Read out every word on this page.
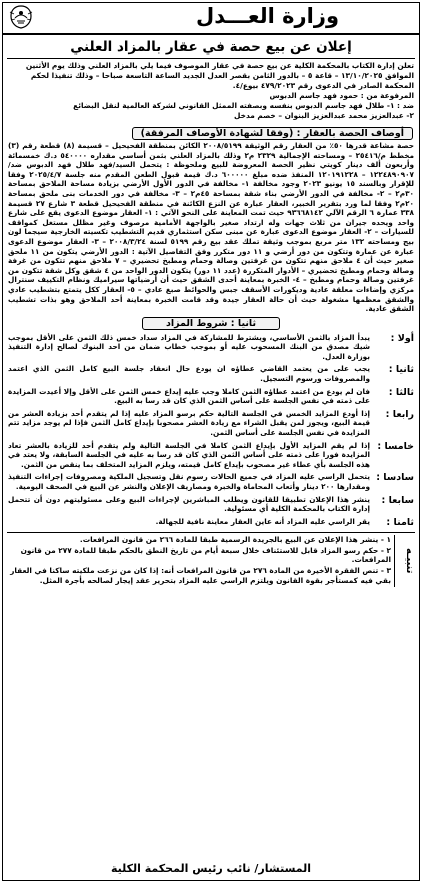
وزارة العـــدل
إعلان عن بيع حصة في عقار بالمزاد العلني

تعلن إدارة الكتاب بالمحكمة الكلية عن بيع حصة في عقار الموصوف فيما يلي بالمزاد العلني وذلك يوم الأثنين الموافق ١٣/١٠/٢٠٢٥ – قاعة ٥ – بالدور الثامن بقصر العدل الجديد الساعة التاسعة صباحا – وذلك تنفيذا لحكم المحكمة الصادر في الدعوى رقم ٤٧٩/٢٠٢٣ بيوع/٤.

المرفوعة من : حمود فهد جاسم الدبوس

ضد : ١- طلال فهد جاسم الدبوس بنفسه وبصفته الممثل القانوني لشركة العالمية لنقل البضائع

٢- عبدالعزيز محمد عبدالعزيز البنوان – خصم مدخل

أوصاف الحصة بالعقار : (وفقا لشهادة الأوصاف المرفقة)

حصة مشاعة قدرها ٥٠٪ من العقار رقم الوثيقة ٢٠٠٨/٥١٩٩ الكائن بمنطقة الفحيحيل – قسيمة (٨) قطعة رقم (٣) مخطط م/٢٥٤١٦ – ومساحته الإجمالية ٢٣٢٩ م٢ وذلك بالمزاد العلني بثمن أساسي مقداره ٥٤٠٠٠٠ د.ك خمسمائة وأربعون ألف دينار كويتي نظير الحصة المعروضة للبيع وملحوظة : يتحمل السيد/فهد طلال فهد الدبوس ضد/١٢٢٤٨٩٠٩٠٧ – ١٢٠١٩١٢٢٨ المنفذ ضده مبلغ ٦٠٠٠٠٠ د.ك قيمة قبول الطعن المقدم منه جلسة ٢٠٢٥/٤/٧ وفقا للإقرار وبالسند ١٥ يونيو ٢٠٢٣ وجود مخالفة ١- مخالفة في الدور الأول الأرضي بزيادة مساحة الملاحق بمساحة ٣٠م٢ – ٢- مخالفة في الدور الأرضي بناء شقة بمساحة ٤٥م٢ – ٣- مخالفة في دور الخدمات بنى ملحق بمساحة ٢٠م٢ وفقا لما ورد بتقرير الخبير، العقار عبارة عن النزع الكائنة في منطقة الفحيحيل قطعة ٣ شارع ٢٧ قسيمة ٣٣٨ عمارة ٦ الرقم الآلي ٩٣٦٦٨١٤٢ حيث تمت المعاينة على النحو الآتي : ١- العقار موضوع الدعوى يقع على شارع واحد ويحده جيران من ثلاث جهات وله ارتداد صغير بالواجهة الأمامية مرصوف وغير مظلل مستغل كمواقف للسيارات – ٢- العقار موضوع الدعوى عبارة عن مبنى سكن استثماري قديم التشطيب تكسيته الخارجية سيجما لون بيج ومساحته ١٣٢ متر مربع بموجب وثيقة تملك عقد بيع رقم ٥١٩٩ لسنة ٢٠٠٨/٣/٢٤ – ٣- العقار موضوع الدعوى عبارة عن عمارة وتتكون من دور أرضي و ١١ دور متكرر وفق التفاصيل الآتية : الدور الأرضي يتكون من ١١ ملحق صغير حيث أن ٤ ملاحق منهم تتكون من غرفتين وصالة وحمام ومطبخ تحضيري – ٧ ملاحق منهم تتكون من غرفة وصالة وحمام ومطبخ تحضيري – الأدوار المتكررة (عدد ١١ دور) يتكون الدور الواحد من ٤ شقق وكل شقة تتكون من غرفتين وصالة وحمام ومطبخ – ٤- الخبرة بمعاينة أحدى الشقق حيث أن أرضياتها سيراميك ونظام التكييف سنترال مركزي وإضاءات معلقة عادية وديكورات الأسقف جبس والحوائط صبغ عادي – ٥- العقار ككل يتمتع بتشطيب عادي والشقق معظمها مشغولة حيث أن حالة العقار جيدة وقد قامت الخبرة بمعاينة أحد الملاحق وهو بذات تشطيب الشقق عادية.

ثانيا : شروط المزاد
أولا :
يبدأ المزاد بالثمن الأساسي، ويشترط للمشاركة في المزاد سداد خمس ذلك الثمن على الأقل بموجب شيك مصدق من البنك المسحوب عليه أو بموجب خطاب ضمان من احد البنوك لصالح إدارة التنفيذ بوزارة العدل.
ثانيا :
يجب على من يعتمد القاضي عطاؤه ان يودع حال انعقاد جلسة البيع كامل الثمن الذي اعتمد والمصروفات ورسوم التسجيل.
ثالثا :
فان لم يودع من اعتمد عطاؤه الثمن كاملا وجب عليه إيداع خمس الثمن على الأقل وإلا أعيدت المزايدة على ذمته في نفس الجلسة على أساس الثمن الذي كان قد رسا به البيع.
رابعا :
إذا أودع المزايد الخمس في الجلسة التالية حكم برسو المزاد عليه إذا لم يتقدم أحد بزيادة العشر من قيمة البيع، ويجوز لمن يقبل الشراء مع زيادة العشر مصحوبا بإيداع كامل الثمن فإذا لم يوجد مزايد تتم المزايدة في نفس الجلسة على أساس الثمن.
خامسا :
إذا لم يقم المزايد الأول بإيداع الثمن كاملا في الجلسة التالية ولم يتقدم أحد للزيادة بالعشر تعاد المزايدة فورا على ذمته على أساس الثمن الذي كان قد رسا به عليه في الجلسة السابقة، ولا يعتد في هذه الجلسة بأي عطاء غير مصحوب بإيداع كامل قيمته، ويلزم المزايد المتخلف بما ينقص من الثمن.
سادسا :
يتحمل الراسي عليه المزاد في جميع الحالات رسوم نقل وتسجيل الملكية ومصروفات إجراءات التنفيذ ومقدارها ٢٠٠ دينار وأتعاب المحاماة والخبرة ومصاريف الإعلان والنشر عن البيع في الصحف اليومية.
سابعا :
ينشر هذا الإعلان تطبيقا للقانون ويطلب المباشرين لإجراءات البيع وعلى مسئوليتهم دون أن تتحمل إدارة الكتاب بالمحكمة الكلية أي مسئولية.
ثامنا :
يقر الراسي عليه المزاد أنه عاين العقار معاينة نافية للجهالة.
تنبيـه

١ - ينشر هذا الإعلان عن البيع بالجريدة الرسمية طبقا للمادة ٢٦٦ من قانون المرافعات.

٢ - حكم رسو المزاد قابل للاستئناف خلال سبعة أيام من تاريخ النطق بالحكم طبقا للمادة ٢٧٧ من قانون المرافعات.

٣ - تنص الفقرة الأخيرة من المادة ٢٧٦ من قانون المرافعات أنه: إذا كان من نزعت ملكيته ساكنا في العقار بقي فيه كمستأجر بقوة القانون ويلتزم الراسي عليه المزاد بتحرير عقد إيجار لصالحه بأجرة المثل.

المستشار/ نائب رئيس المحكمة الكلية
